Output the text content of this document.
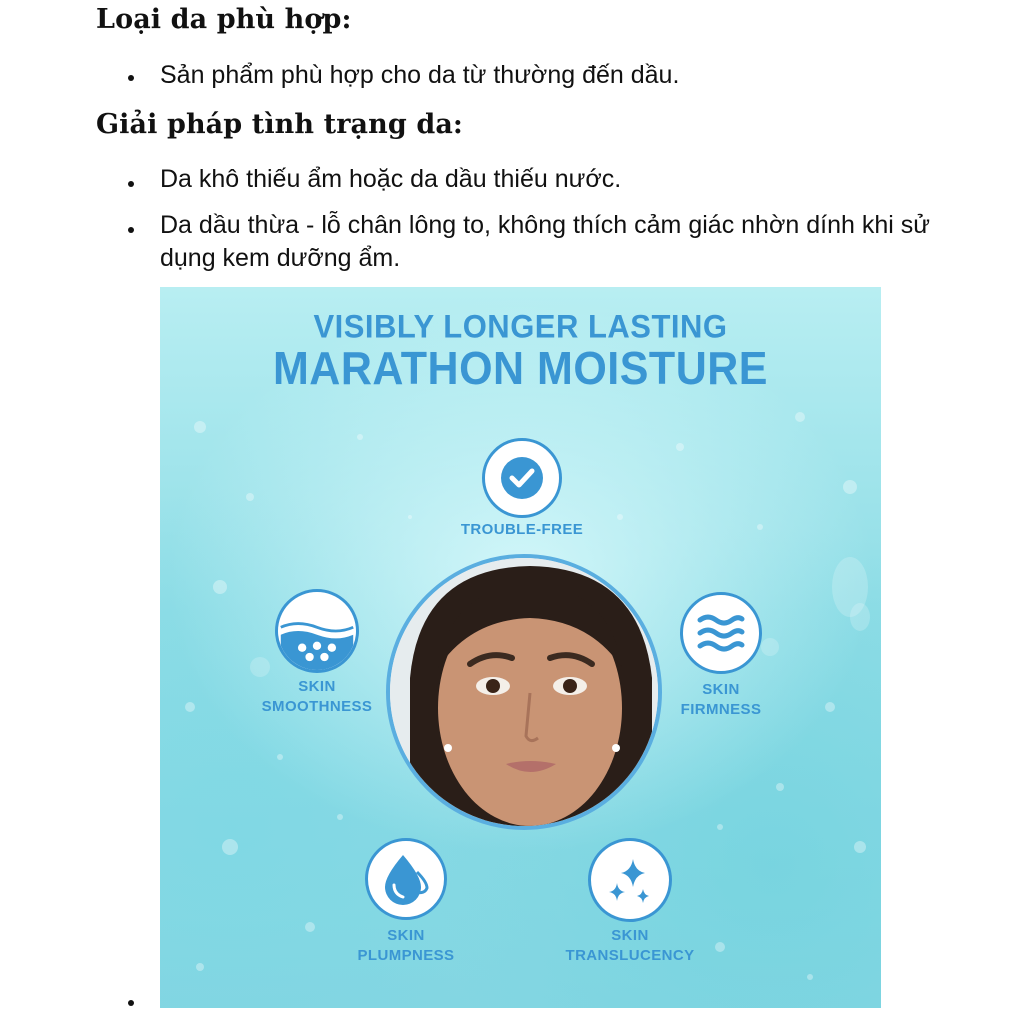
Loại da phù hợp:
Sản phẩm phù hợp cho da từ thường đến dầu.
Giải pháp tình trạng da:
Da khô thiếu ẩm hoặc da dầu thiếu nước.
Da dầu thừa - lỗ chân lông to, không thích cảm giác nhờn dính khi sử dụng kem dưỡng ẩm.
VISIBLY LONGER LASTING
MARATHON MOISTURE
TROUBLE-FREE
SKIN
SMOOTHNESS
SKIN
FIRMNESS
SKIN
PLUMPNESS
SKIN
TRANSLUCENCY
